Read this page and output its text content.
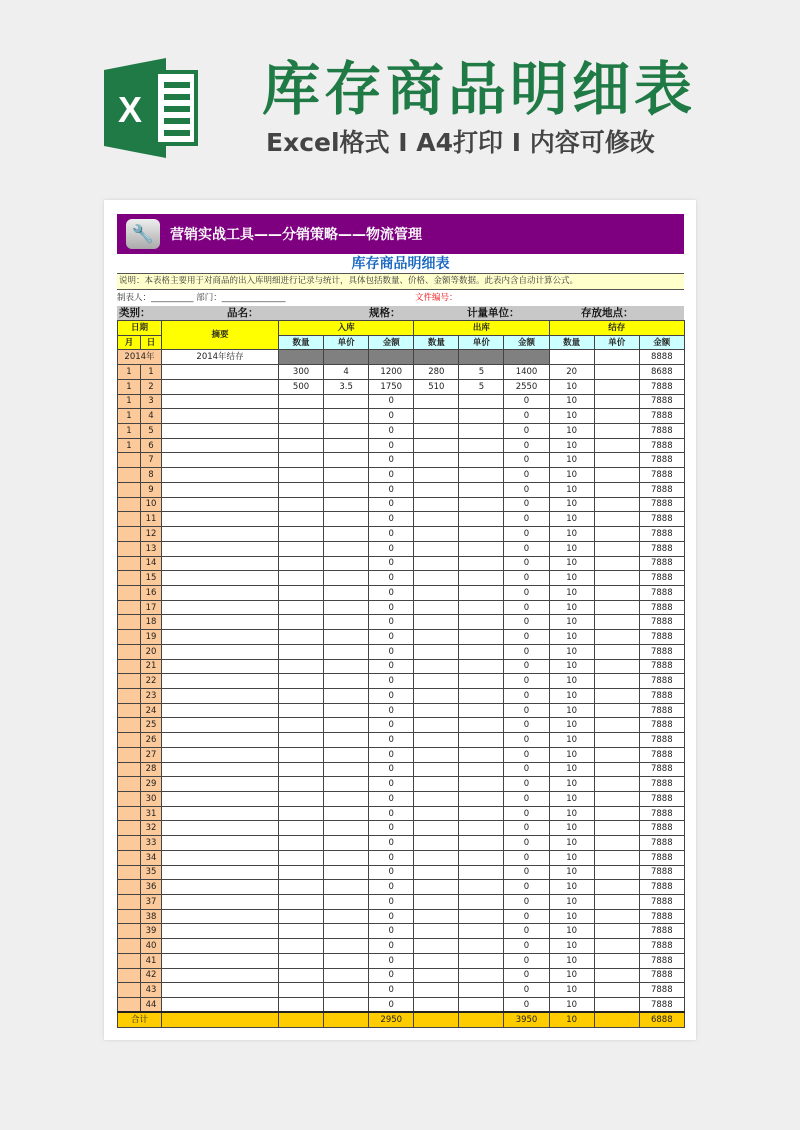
X 库存商品明细表
Excel格式 Ⅰ A4打印 Ⅰ 内容可修改
🔧	营销实战工具——分销策略——物流管理
库存商品明细表
说明：本表格主要用于对商品的出入库明细进行记录与统计，具体包括数量、价格、金额等数据。此表内含自动计算公式。
制表人：__________ 部门：_______________	文件编号：
类别：	品名：	规格：	计量单位：	存放地点：
日期		摘要	入库			出库			结存		
月	日		数量	单价	金额	数量	单价	金额	数量	单价	金额
2014年		2014年结存									8888
1	1		300	4	1200	280	5	1400	20		8688
1	2		500	3.5	1750	510	5	2550	10		7888
1	3				0			0	10		7888
1	4				0			0	10		7888
1	5				0			0	10		7888
1	6				0			0	10		7888
	7				0			0	10		7888
	8				0			0	10		7888
	9				0			0	10		7888
	10				0			0	10		7888
	11				0			0	10		7888
	12				0			0	10		7888
	13				0			0	10		7888
	14				0			0	10		7888
	15				0			0	10		7888
	16				0			0	10		7888
	17				0			0	10		7888
	18				0			0	10		7888
	19				0			0	10		7888
	20				0			0	10		7888
	21				0			0	10		7888
	22				0			0	10		7888
	23				0			0	10		7888
	24				0			0	10		7888
	25				0			0	10		7888
	26				0			0	10		7888
	27				0			0	10		7888
	28				0			0	10		7888
	29				0			0	10		7888
	30				0			0	10		7888
	31				0			0	10		7888
	32				0			0	10		7888
	33				0			0	10		7888
	34				0			0	10		7888
	35				0			0	10		7888
	36				0			0	10		7888
	37				0			0	10		7888
	38				0			0	10		7888
	39				0			0	10		7888
	40				0			0	10		7888
	41				0			0	10		7888
	42				0			0	10		7888
	43				0			0	10		7888
	44				0			0	10		7888
合计					2950			3950	10		6888
